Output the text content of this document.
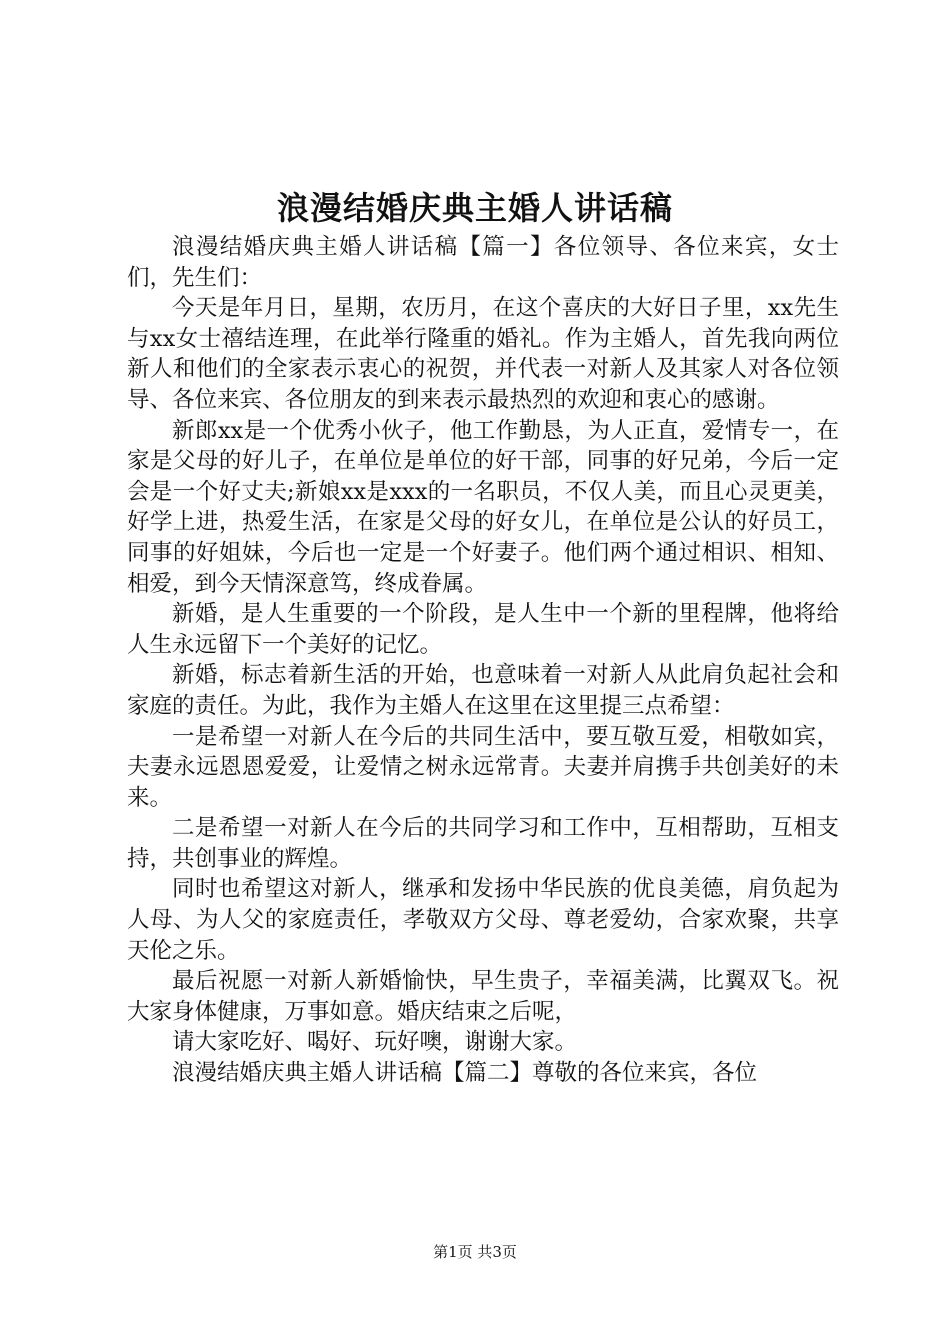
浪漫结婚庆典主婚人讲话稿

浪漫结婚庆典主婚人讲话稿【篇一】各位领导、各位来宾，女士们，先生们：

今天是年月日，星期，农历月，在这个喜庆的大好日子里，xx先生与xx女士禧结连理，在此举行隆重的婚礼。作为主婚人，首先我向两位新人和他们的全家表示衷心的祝贺，并代表一对新人及其家人对各位领导、各位来宾、各位朋友的到来表示最热烈的欢迎和衷心的感谢。

新郎xx是一个优秀小伙子，他工作勤恳，为人正直，爱情专一，在家是父母的好儿子，在单位是单位的好干部，同事的好兄弟，今后一定会是一个好丈夫;新娘xx是xxx的一名职员，不仅人美，而且心灵更美，好学上进，热爱生活，在家是父母的好女儿，在单位是公认的好员工，同事的好姐妹，今后也一定是一个好妻子。他们两个通过相识、相知、相爱，到今天情深意笃，终成眷属。

新婚，是人生重要的一个阶段，是人生中一个新的里程牌，他将给人生永远留下一个美好的记忆。

新婚，标志着新生活的开始，也意味着一对新人从此肩负起社会和家庭的责任。为此，我作为主婚人在这里在这里提三点希望：

一是希望一对新人在今后的共同生活中，要互敬互爱，相敬如宾，夫妻永远恩恩爱爱，让爱情之树永远常青。夫妻并肩携手共创美好的未来。

二是希望一对新人在今后的共同学习和工作中，互相帮助，互相支持，共创事业的辉煌。

同时也希望这对新人，继承和发扬中华民族的优良美德，肩负起为人母、为人父的家庭责任，孝敬双方父母、尊老爱幼，合家欢聚，共享天伦之乐。

最后祝愿一对新人新婚愉快，早生贵子，幸福美满，比翼双飞。祝大家身体健康，万事如意。婚庆结束之后呢，

请大家吃好、喝好、玩好噢，谢谢大家。

浪漫结婚庆典主婚人讲话稿【篇二】尊敬的各位来宾，各位

第1页 共3页
